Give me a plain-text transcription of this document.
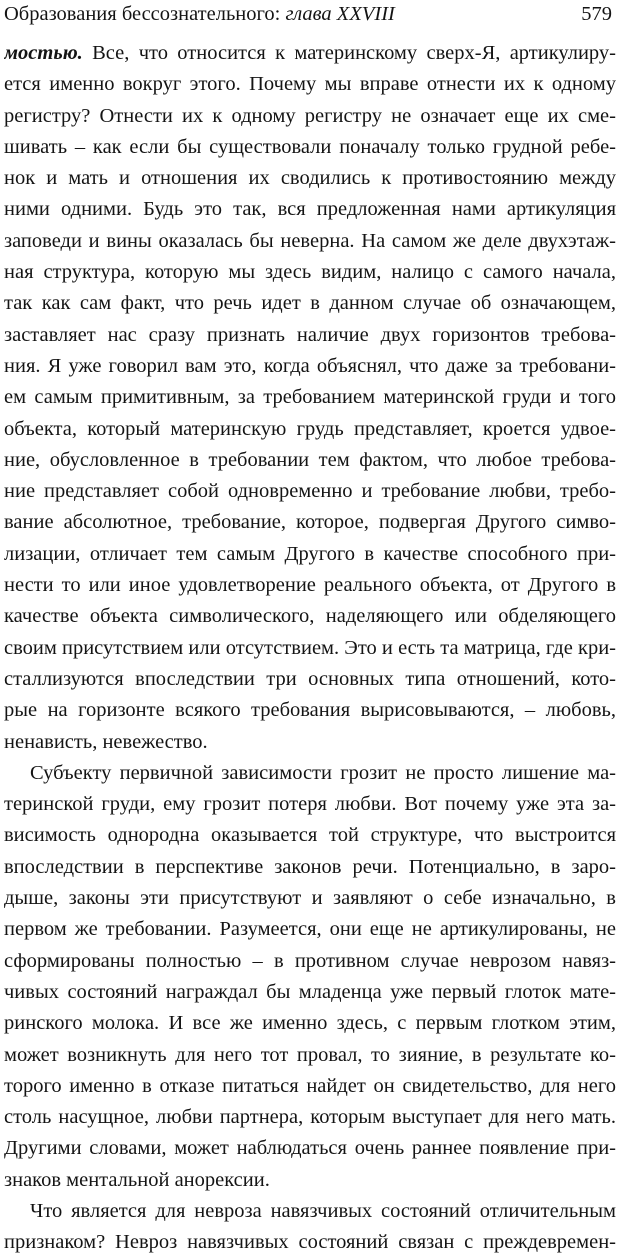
Образования бессознательного: глава XXVIII	579
мостью. Все, что относится к материнскому сверх-Я, артикулиру-
ется именно вокруг этого. Почему мы вправе отнести их к одному
регистру? Отнести их к одному регистру не означает еще их сме-
шивать – как если бы существовали поначалу только грудной ребе-
нок и мать и отношения их сводились к противостоянию между
ними одними. Будь это так, вся предложенная нами артикуляция
заповеди и вины оказалась бы неверна. На самом же деле двухэтаж-
ная структура, которую мы здесь видим, налицо с самого начала,
так как сам факт, что речь идет в данном случае об означающем,
заставляет нас сразу признать наличие двух горизонтов требова-
ния. Я уже говорил вам это, когда объяснял, что даже за требовани-
ем самым примитивным, за требованием материнской груди и того
объекта, который материнскую грудь представляет, кроется удвое-
ние, обусловленное в требовании тем фактом, что любое требова-
ние представляет собой одновременно и требование любви, требо-
вание абсолютное, требование, которое, подвергая Другого симво-
лизации, отличает тем самым Другого в качестве способного при-
нести то или иное удовлетворение реального объекта, от Другого в
качестве объекта символического, наделяющего или обделяющего
своим присутствием или отсутствием. Это и есть та матрица, где кри-
сталлизуются впоследствии три основных типа отношений, кото-
рые на горизонте всякого требования вырисовываются, – любовь,
ненависть, невежество.
Субъекту первичной зависимости грозит не просто лишение ма-
теринской груди, ему грозит потеря любви. Вот почему уже эта за-
висимость однородна оказывается той структуре, что выстроится
впоследствии в перспективе законов речи. Потенциально, в заро-
дыше, законы эти присутствуют и заявляют о себе изначально, в
первом же требовании. Разумеется, они еще не артикулированы, не
сформированы полностью – в противном случае неврозом навяз-
чивых состояний награждал бы младенца уже первый глоток мате-
ринского молока. И все же именно здесь, с первым глотком этим,
может возникнуть для него тот провал, то зияние, в результате ко-
торого именно в отказе питаться найдет он свидетельство, для него
столь насущное, любви партнера, которым выступает для него мать.
Другими словами, может наблюдаться очень раннее появление при-
знаков ментальной анорексии.
Что является для невроза навязчивых состояний отличительным
признаком? Невроз навязчивых состояний связан с преждевремен-
